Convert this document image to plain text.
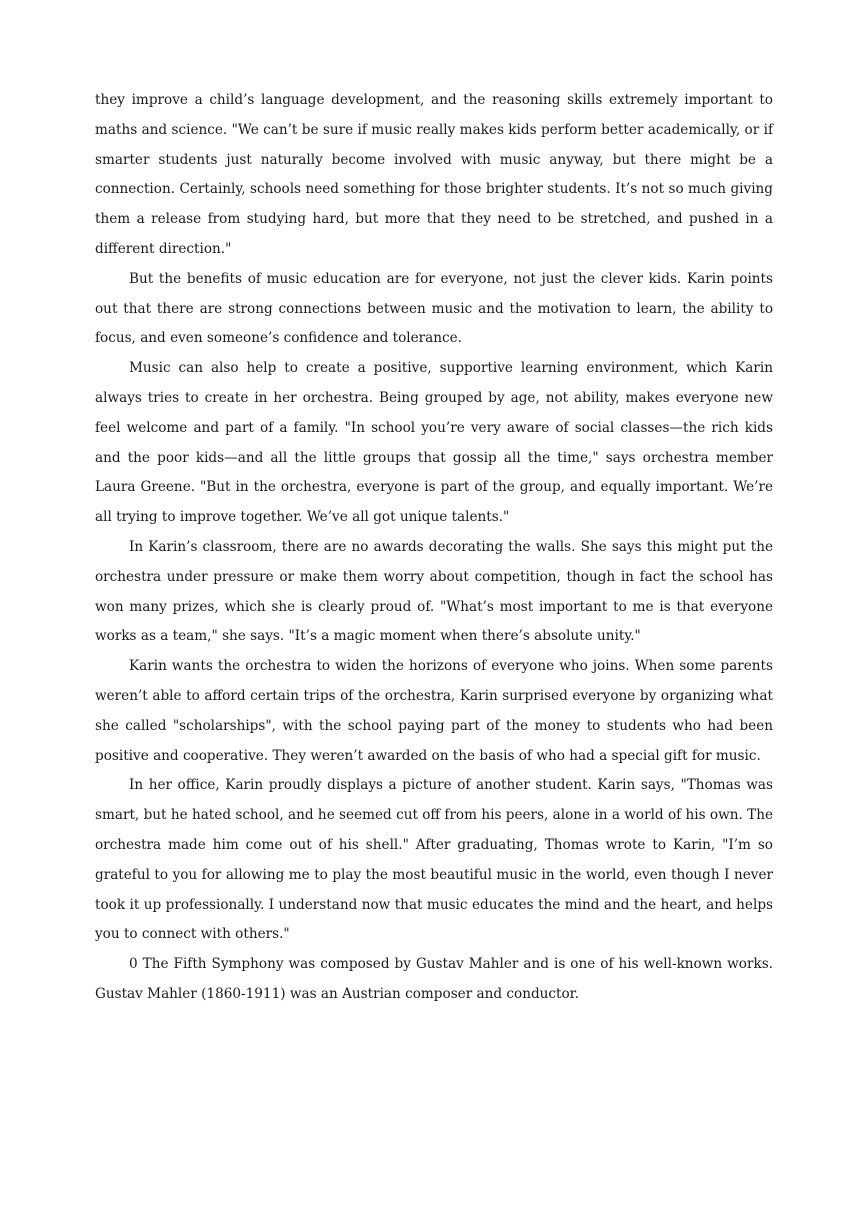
they improve a child’s language development, and the reasoning skills extremely important to maths and science. "We can’t be sure if music really makes kids perform better academically, or if smarter students just naturally become involved with music anyway, but there might be a connection. Certainly, schools need something for those brighter students. It’s not so much giving them a release from studying hard, but more that they need to be stretched, and pushed in a different direction."

But the benefits of music education are for everyone, not just the clever kids. Karin points out that there are strong connections between music and the motivation to learn, the ability to focus, and even someone’s confidence and tolerance.

Music can also help to create a positive, supportive learning environment, which Karin always tries to create in her orchestra. Being grouped by age, not ability, makes everyone new feel welcome and part of a family. "In school you’re very aware of social classes—the rich kids and the poor kids—and all the little groups that gossip all the time," says orchestra member Laura Greene. "But in the orchestra, everyone is part of the group, and equally important. We’re all trying to improve together. We’ve all got unique talents."

In Karin’s classroom, there are no awards decorating the walls. She says this might put the orchestra under pressure or make them worry about competition, though in fact the school has won many prizes, which she is clearly proud of. "What’s most important to me is that everyone works as a team," she says. "It’s a magic moment when there’s absolute unity."

Karin wants the orchestra to widen the horizons of everyone who joins. When some parents weren’t able to afford certain trips of the orchestra, Karin surprised everyone by organizing what she called "scholarships", with the school paying part of the money to students who had been positive and cooperative. They weren’t awarded on the basis of who had a special gift for music.

In her office, Karin proudly displays a picture of another student. Karin says, "Thomas was smart, but he hated school, and he seemed cut off from his peers, alone in a world of his own. The orchestra made him come out of his shell." After graduating, Thomas wrote to Karin, "I’m so grateful to you for allowing me to play the most beautiful music in the world, even though I never took it up professionally. I understand now that music educates the mind and the heart, and helps you to connect with others."

0 The Fifth Symphony was composed by Gustav Mahler and is one of his well-known works. Gustav Mahler (1860-1911) was an Austrian composer and conductor.
